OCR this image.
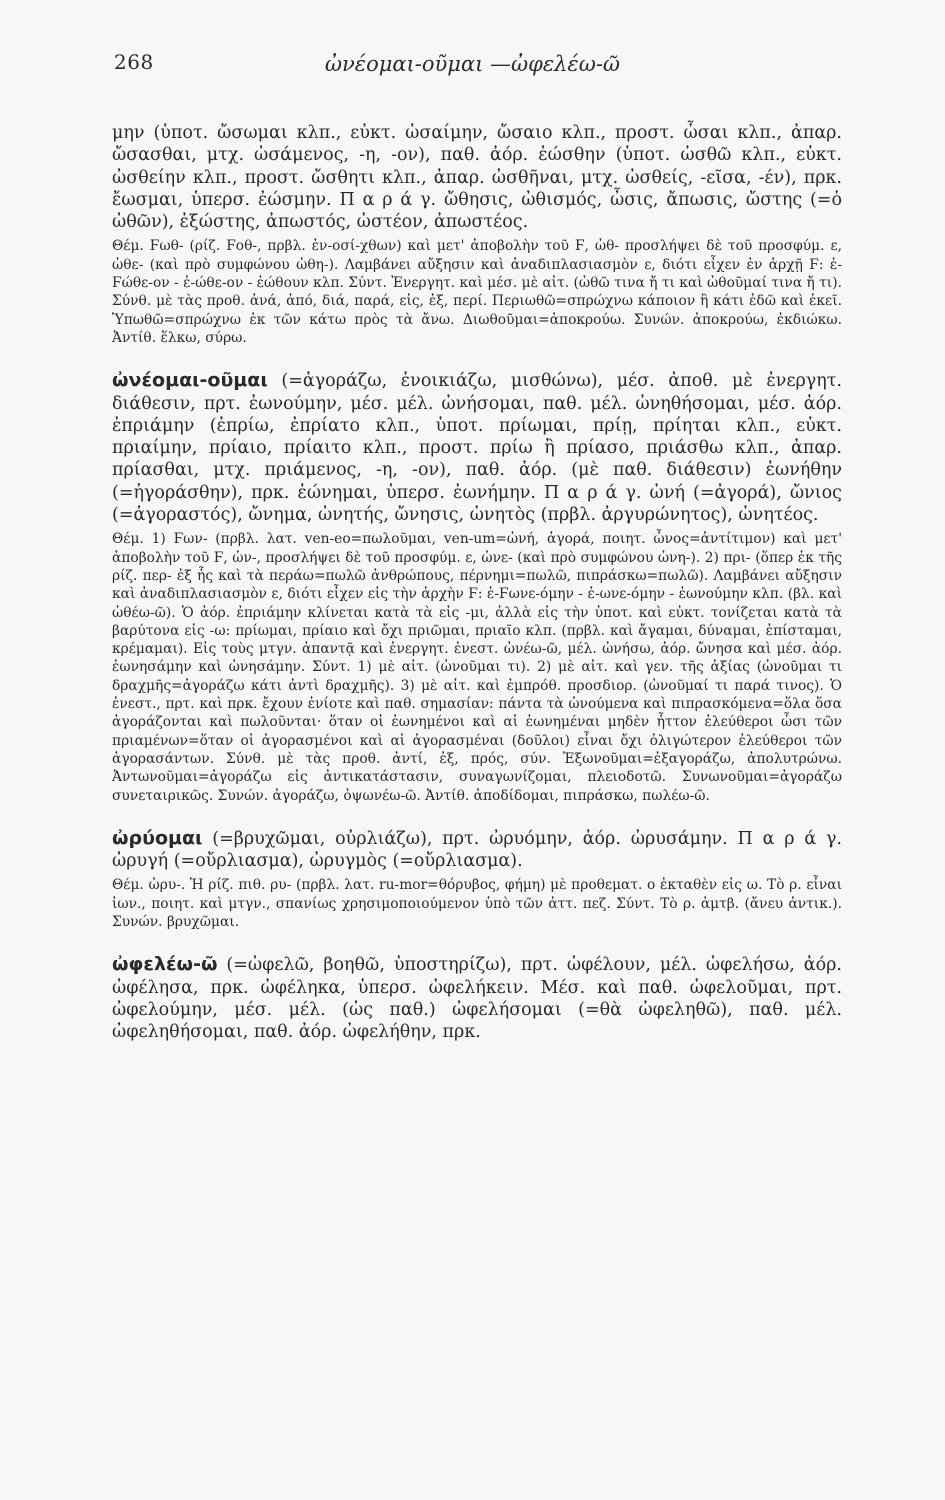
268	ὠνέομαι-οῦμαι —ὠφελέω-ῶ

μην (ὑποτ. ὤσωμαι κλπ., εὐκτ. ὠσαίμην, ὤσαιο κλπ., προστ. ὦσαι κλπ., ἀπαρ. ὤσασθαι, μτχ. ὠσάμενος, -η, -ον), παθ. ἀόρ. ἐώσθην (ὑποτ. ὠσθῶ κλπ., εὐκτ. ὠσθείην κλπ., προστ. ὤσθητι κλπ., ἀπαρ. ὠσθῆναι, μτχ. ὠσθείς, -εῖσα, -έν), πρκ. ἔωσμαι, ὑπερσ. ἐώσμην. Π α ρ ά γ. ὤθησις, ὠθισμός, ὦσις, ἄπωσις, ὤστης (=ὁ ὠθῶν), ἐξώστης, ἀπωστός, ὠστέον, ἀπωστέος.

Θέμ. Ϝωθ- (ρίζ. Ϝοθ-, πρβλ. ἐν-οσί-χθων) καὶ μετ' ἀποβολὴν τοῦ Ϝ, ὠθ- προσλήψει δὲ τοῦ προσφύμ. ε, ὠθε- (καὶ πρὸ συμφώνου ὠθη-). Λαμβάνει αὔξησιν καὶ ἀναδιπλασιασμὸν ε, διότι εἶχεν ἐν ἀρχῇ Ϝ: ἐ-Ϝώθε-ον - ἐ-ώθε-ον - ἐώθουν κλπ. Σύντ. Ἐνεργητ. καὶ μέσ. μὲ αἰτ. (ὠθῶ τινα ἤ τι καὶ ὠθοῦμαί τινα ἤ τι). Σύνθ. μὲ τὰς προθ. ἀνά, ἀπό, διά, παρά, εἰς, ἐξ, περί. Περιωθῶ=σπρώχνω κάποιον ἢ κάτι ἐδῶ καὶ ἐκεῖ. Ὑπωθῶ=σπρώχνω ἐκ τῶν κάτω πρὸς τὰ ἄνω. Διωθοῦμαι=ἀποκρούω. Συνών. ἀποκρούω, ἐκδιώκω. Ἀντίθ. ἕλκω, σύρω.

ὠνέομαι-οῦμαι (=ἀγοράζω, ἐνοικιάζω, μισθώνω), μέσ. ἀποθ. μὲ ἐνεργητ. διάθεσιν, πρτ. ἐωνούμην, μέσ. μέλ. ὠνήσομαι, παθ. μέλ. ὠνηθήσομαι, μέσ. ἀόρ. ἐπριάμην (ἐπρίω, ἐπρίατο κλπ., ὑποτ. πρίωμαι, πρίῃ, πρίηται κλπ., εὐκτ. πριαίμην, πρίαιο, πρίαιτο κλπ., προστ. πρίω ἢ πρίασο, πριάσθω κλπ., ἀπαρ. πρίασθαι, μτχ. πριάμενος, -η, -ον), παθ. ἀόρ. (μὲ παθ. διάθεσιν) ἐωνήθην (=ἠγοράσθην), πρκ. ἐώνημαι, ὑπερσ. ἐωνήμην. Π α ρ ά γ. ὠνή (=ἀγορά), ὤνιος (=ἀγοραστός), ὤνημα, ὠνητής, ὤνησις, ὠνητὸς (πρβλ. ἀργυρώνητος), ὠνητέος.

Θέμ. 1) Ϝων- (πρβλ. λατ. ven-eo=πωλοῦμαι, ven-um=ὠνή, ἀγορά, ποιητ. ὦνος=ἀντίτιμον) καὶ μετ' ἀποβολὴν τοῦ Ϝ, ὠν-, προσλήψει δὲ τοῦ προσφύμ. ε, ὠνε- (καὶ πρὸ συμφώνου ὠνη-). 2) πρι- (ὅπερ ἐκ τῆς ρίζ. περ- ἐξ ἧς καὶ τὰ περάω=πωλῶ ἀνθρώπους, πέρνημι=πωλῶ, πιπράσκω=πωλῶ). Λαμβάνει αὔξησιν καὶ ἀναδιπλασιασμὸν ε, διότι εἶχεν εἰς τὴν ἀρχὴν Ϝ: ἐ-Ϝωνε-όμην - ἐ-ωνε-όμην - ἐωνούμην κλπ. (βλ. καὶ ὠθέω-ῶ). Ὁ ἀόρ. ἐπριάμην κλίνεται κατὰ τὰ εἰς -μι, ἀλλὰ εἰς τὴν ὑποτ. καὶ εὐκτ. τονίζεται κατὰ τὰ βαρύτονα εἰς -ω: πρίωμαι, πρίαιο καὶ ὄχι πριῶμαι, πριαῖο κλπ. (πρβλ. καὶ ἄγαμαι, δύναμαι, ἐπίσταμαι, κρέμαμαι). Εἰς τοὺς μτγν. ἀπαντᾷ καὶ ἐνεργητ. ἐνεστ. ὠνέω-ῶ, μέλ. ὠνήσω, ἀόρ. ὤνησα καὶ μέσ. ἀόρ. ἐωνησάμην καὶ ὠνησάμην. Σύντ. 1) μὲ αἰτ. (ὠνοῦμαι τι). 2) μὲ αἰτ. καὶ γεν. τῆς ἀξίας (ὠνοῦμαι τι δραχμῆς=ἀγοράζω κάτι ἀντὶ δραχμῆς). 3) μὲ αἰτ. καὶ ἐμπρόθ. προσδιορ. (ὠνοῦμαί τι παρά τινος). Ὁ ἐνεστ., πρτ. καὶ πρκ. ἔχουν ἐνίοτε καὶ παθ. σημασίαν: πάντα τὰ ὠνούμενα καὶ πιπρασκόμενα=ὅλα ὅσα ἀγοράζονται καὶ πωλοῦνται· ὅταν οἱ ἐωνημένοι καὶ αἱ ἐωνημέναι μηδὲν ἧττον ἐλεύθεροι ὦσι τῶν πριαμένων=ὅταν οἱ ἀγορασμένοι καὶ αἱ ἀγορασμέναι (δοῦλοι) εἶναι ὄχι ὀλιγώτερον ἐλεύθεροι τῶν ἀγορασάντων. Σύνθ. μὲ τὰς προθ. ἀντί, ἐξ, πρός, σύν. Ἐξωνοῦμαι=ἐξαγοράζω, ἀπολυτρώνω. Ἀντωνοῦμαι=ἀγοράζω εἰς ἀντικατάστασιν, συναγωνίζομαι, πλειοδοτῶ. Συνωνοῦμαι=ἀγοράζω συνεταιρικῶς. Συνών. ἀγοράζω, ὀψωνέω-ῶ. Ἀντίθ. ἀποδίδομαι, πιπράσκω, πωλέω-ῶ.

ὠρύομαι (=βρυχῶμαι, οὐρλιάζω), πρτ. ὠρυόμην, ἀόρ. ὠρυσάμην. Π α ρ ά γ. ὠρυγή (=οὔρλιασμα), ὠρυγμὸς (=οὔρλιασμα).

Θέμ. ὠρυ-. Ἡ ρίζ. πιθ. ρυ- (πρβλ. λατ. ru-mor=θόρυβος, φήμη) μὲ προθεματ. ο ἐκταθὲν εἰς ω. Τὸ ρ. εἶναι ἰων., ποιητ. καὶ μτγν., σπανίως χρησιμοποιούμενον ὑπὸ τῶν ἀττ. πεζ. Σύντ. Τὸ ρ. ἀμτβ. (ἄνευ ἀντικ.). Συνών. βρυχῶμαι.

ὠφελέω-ῶ (=ὠφελῶ, βοηθῶ, ὑποστηρίζω), πρτ. ὠφέλουν, μέλ. ὠφελήσω, ἀόρ. ὠφέλησα, πρκ. ὠφέληκα, ὑπερσ. ὠφελήκειν. Μέσ. καὶ παθ. ὠφελοῦμαι, πρτ. ὠφελούμην, μέσ. μέλ. (ὡς παθ.) ὠφελήσομαι (=θὰ ὠφεληθῶ), παθ. μέλ. ὠφεληθήσομαι, παθ. ἀόρ. ὠφελήθην, πρκ.
